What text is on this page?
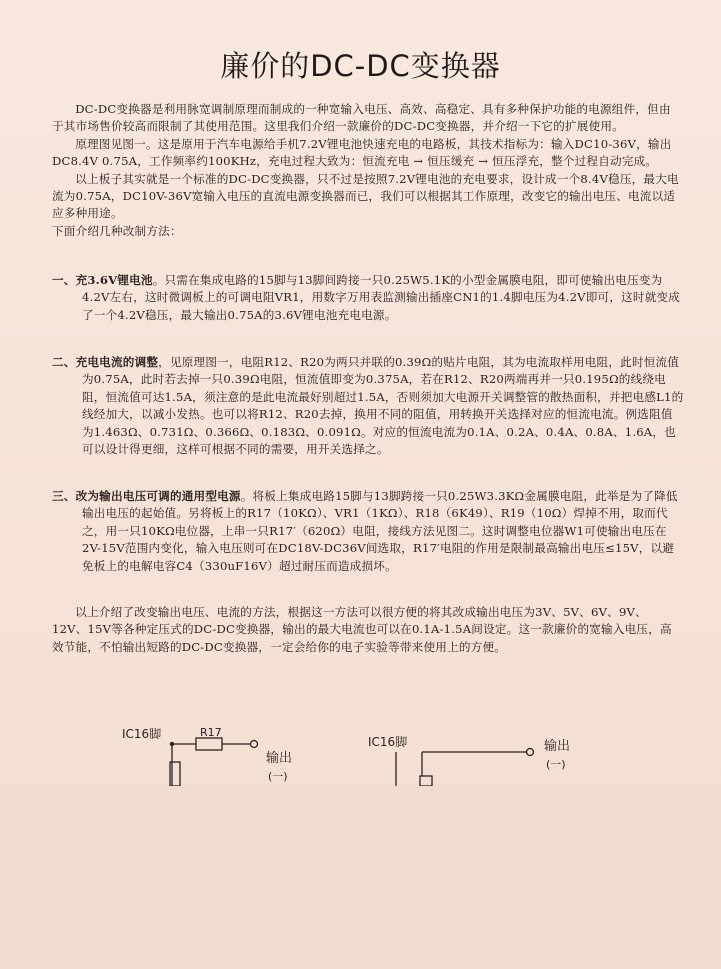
廉价的DC-DC变换器

DC-DC变换器是利用脉宽调制原理而制成的一种宽输入电压、高效、高稳定、具有多种保护功能的电源组件，但由于其市场售价较高而限制了其使用范围。这里我们介绍一款廉价的DC-DC变换器，并介绍一下它的扩展使用。

原理图见图一。这是原用于汽车电源给手机7.2V锂电池快速充电的电路板，其技术指标为：输入DC10-36V，输出DC8.4V 0.75A，工作频率约100KHz，充电过程大致为：恒流充电 → 恒压缓充 → 恒压浮充，整个过程自动完成。

以上板子其实就是一个标准的DC-DC变换器，只不过是按照7.2V锂电池的充电要求，设计成一个8.4V稳压，最大电流为0.75A，DC10V-36V宽输入电压的直流电源变换器而已，我们可以根据其工作原理，改变它的输出电压、电流以适应多种用途。

下面介绍几种改制方法：

一、充3.6V锂电池。只需在集成电路的15脚与13脚间跨接一只0.25W5.1K的小型金属膜电阻，即可使输出电压变为4.2V左右，这时微调板上的可调电阻VR1，用数字万用表监测输出插座CN1的1.4脚电压为4.2V即可，这时就变成了一个4.2V稳压，最大输出0.75A的3.6V锂电池充电电源。

二、充电电流的调整，见原理图一，电阻R12、R20为两只并联的0.39Ω的贴片电阻，其为电流取样用电阻，此时恒流值为0.75A，此时若去掉一只0.39Ω电阻，恒流值即变为0.375A，若在R12、R20两端再并一只0.195Ω的线绕电阻，恒流值可达1.5A，须注意的是此电流最好别超过1.5A，否则须加大电源开关调整管的散热面积，并把电感L1的线经加大，以减小发热。也可以将R12、R20去掉，换用不同的阻值，用转换开关选择对应的恒流电流。例选阻值为1.463Ω、0.731Ω、0.366Ω、0.183Ω、0.091Ω。对应的恒流电流为0.1A、0.2A、0.4A、0.8A、1.6A，也可以设计得更细，这样可根据不同的需要，用开关选择之。

三、改为输出电压可调的通用型电源。将板上集成电路15脚与13脚跨接一只0.25W3.3KΩ金属膜电阻，此举是为了降低输出电压的起始值。另将板上的R17（10KΩ）、VR1（1KΩ）、R18（6K49）、R19（10Ω）焊掉不用，取而代之，用一只10KΩ电位器，上串一只R17′（620Ω）电阻，接线方法见图二。这时调整电位器W1可使输出电压在2V-15V范围内变化，输入电压则可在DC18V-DC36V间选取，R17′电阻的作用是限制最高输出电压≤15V，以避免板上的电解电容C4（330uF16V）超过耐压而造成损坏。

以上介绍了改变输出电压、电流的方法，根据这一方法可以很方便的将其改成输出电压为3V、5V、6V、9V、12V、15V等各种定压式的DC-DC变换器，输出的最大电流也可以在0.1A-1.5A间设定。这一款廉价的宽输入电压，高效节能，不怕输出短路的DC-DC变换器，一定会给你的电子实验等带来使用上的方便。

IC16脚	R17
输出
(一)
IC16脚	输出
(一)
